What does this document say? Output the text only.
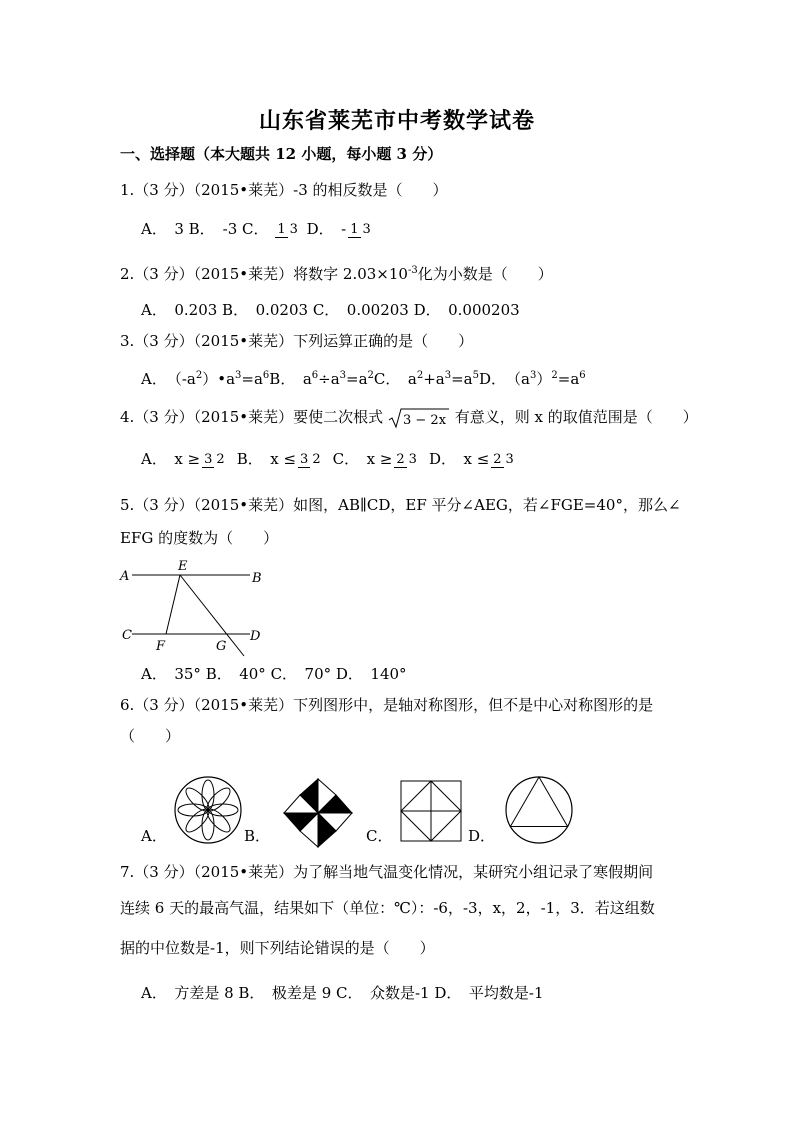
山东省莱芜市中考数学试卷
一、选择题（本大题共 12 小题，每小题 3 分）
1.（3 分）（2015•莱芜）-3 的相反数是（　　）
A．　3 B． -3 C． 1 3 D．　- 1 3
2.（3 分）（2015•莱芜）将数字 $2.03\times 10^{-3}$化为小数是（　　）
A．　0.203 B．　0.0203 C．　0.00203 D．　0.000203
3.（3 分）（2015•莱芜）下列运算正确的是（　　）
A．　$(-a^2)•a^3=a^6B$．　$a^6\div a^3=a^2C$．　$a^2+a^3=a^5D$．　$(a^3)^2=a^6$
4.（3 分）（2015•莱芜）要使二次根式 3 − 2x 有意义，则 x 的取值范围是（　　）
A．　x ≥ 3 2 B．　x ≤ 3 2 C．　x ≥ 2 3 D．　x ≤ 2 3
5.（3 分）（2015•莱芜）如图，AB∥CD，EF 平分∠AEG，若∠FGE=40°，那么∠
EFG 的度数为（　　）
A	B
C	D
E
F	G
A．　35° B．　40° C．　70° D．　140°
6.（3 分）（2015•莱芜）下列图形中，是轴对称图形，但不是中心对称图形的是
（　　）
A．	B．	C．	D．
7.（3 分）（2015•莱芜）为了解当地气温变化情况，某研究小组记录了寒假期间
连续 6 天的最高气温，结果如下（单位：℃）：-6，-3，x，2，-1，3．若这组数
据的中位数是-1，则下列结论错误的是（　　）
A．　方差是 8 B．　极差是 9 C．　众数是-1 D．　平均数是-1
